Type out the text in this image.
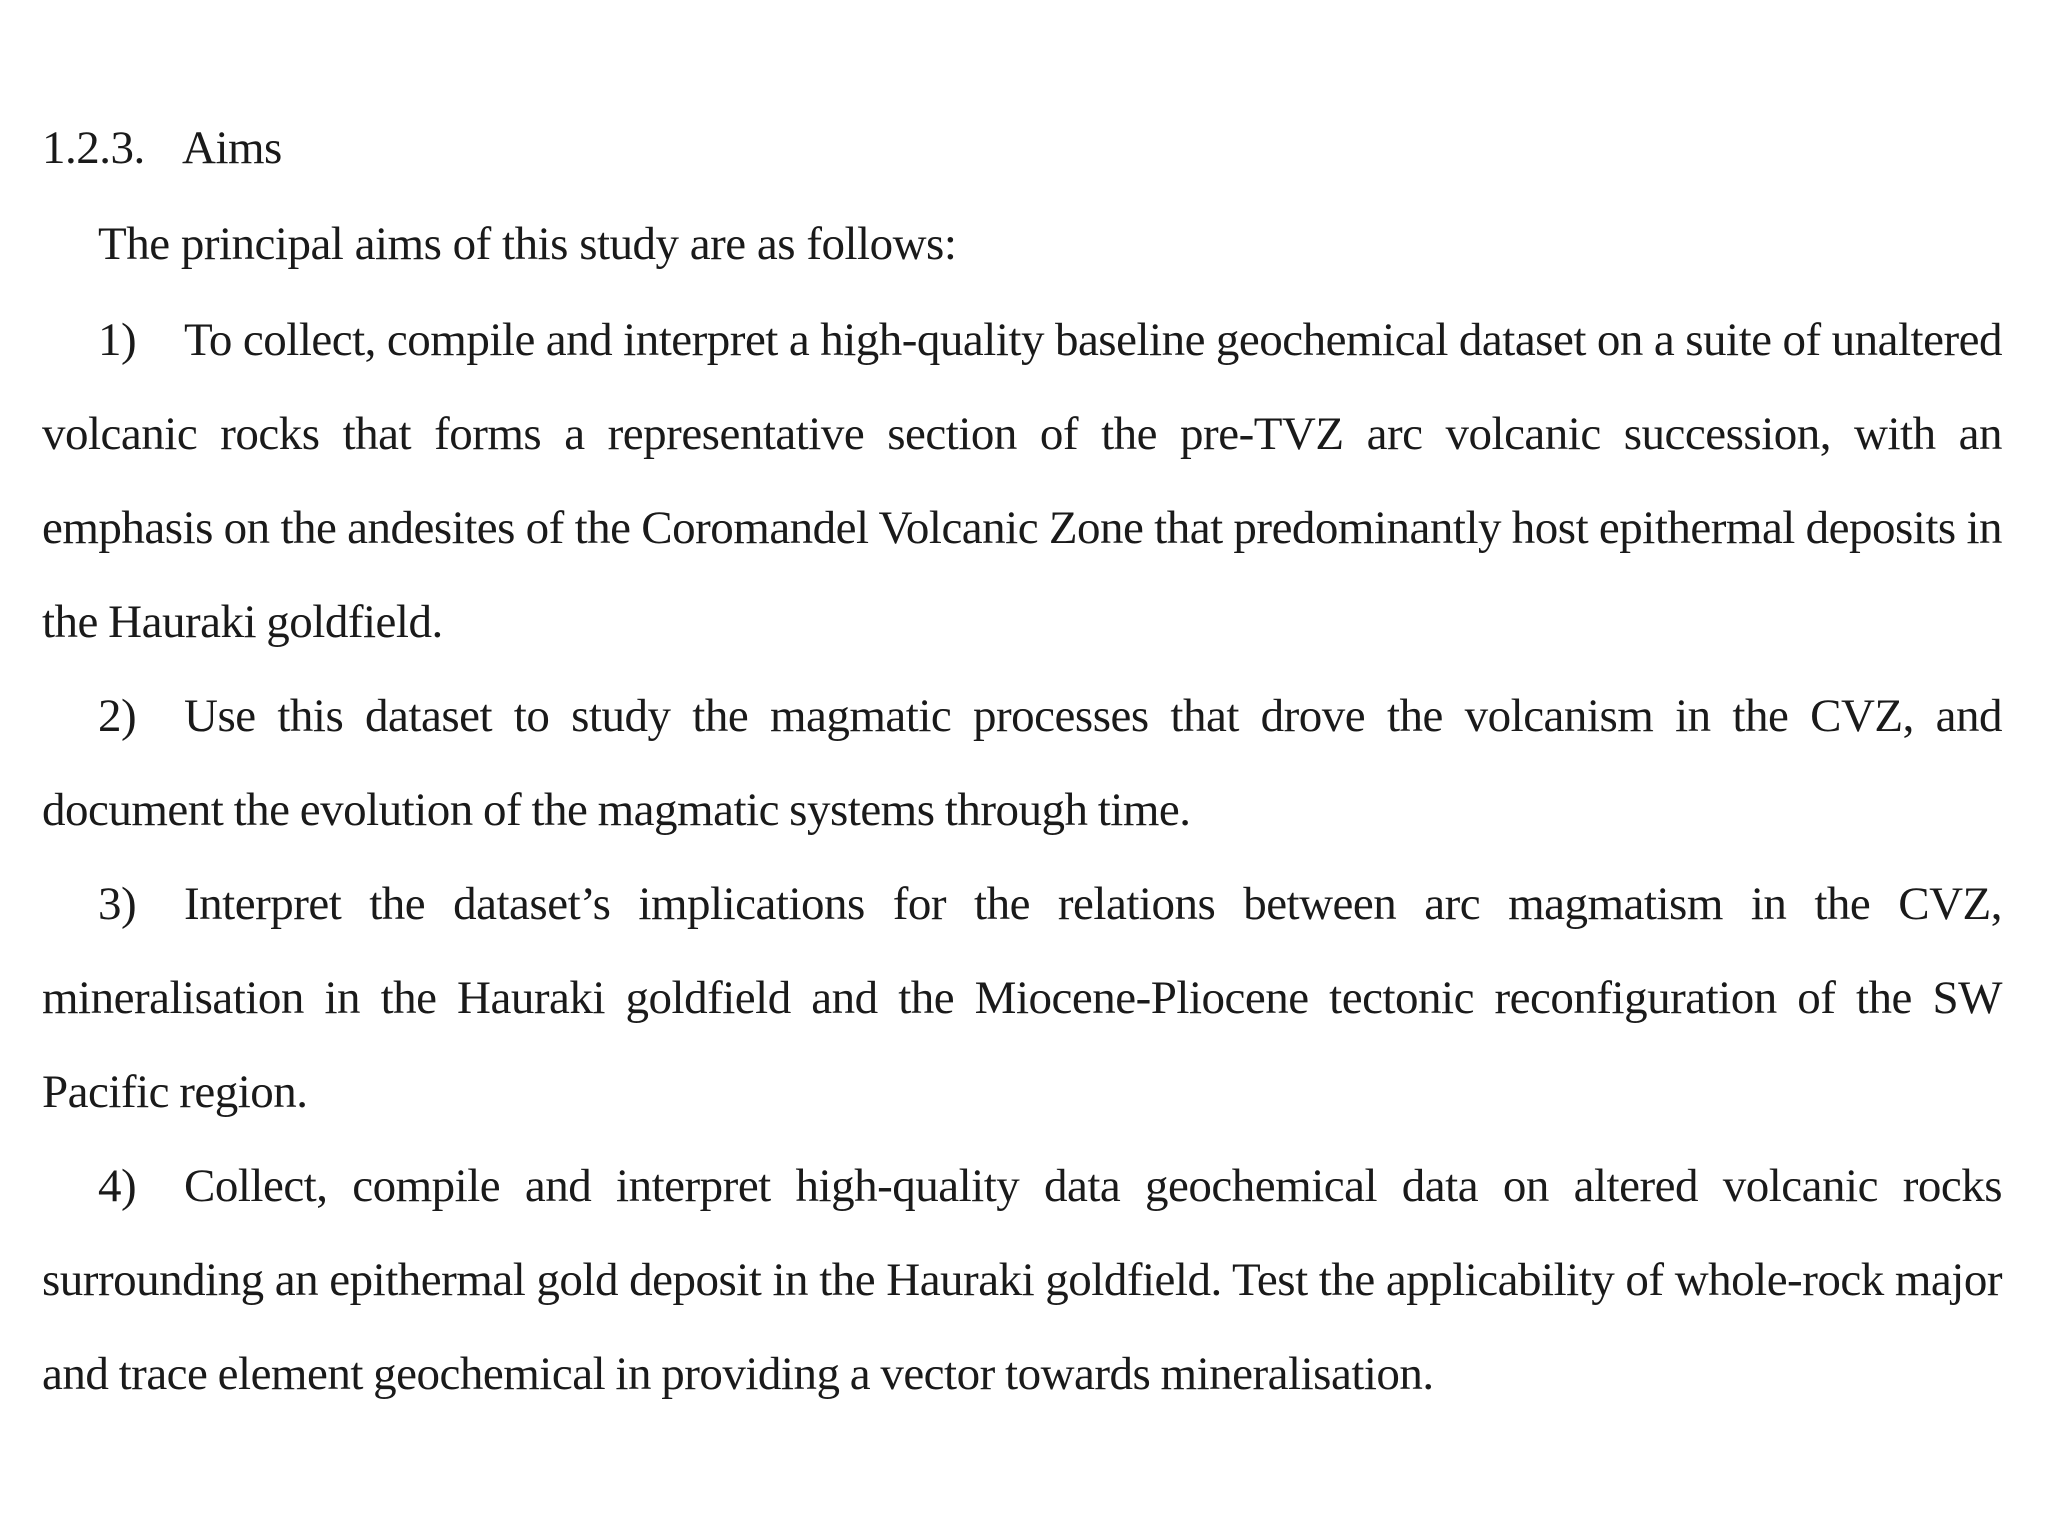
1.2.3. Aims
The principal aims of this study are as follows:
1) To collect, compile and interpret a high-quality baseline geochemical dataset on a suite of unaltered volcanic rocks that forms a representative section of the pre-TVZ arc volcanic succession, with an emphasis on the andesites of the Coromandel Volcanic Zone that predominantly host epithermal deposits in the Hauraki goldfield.
2) Use this dataset to study the magmatic processes that drove the volcanism in the CVZ, and document the evolution of the magmatic systems through time.
3) Interpret the dataset’s implications for the relations between arc magmatism in the CVZ, mineralisation in the Hauraki goldfield and the Miocene-Pliocene tectonic reconfiguration of the SW Pacific region.
4) Collect, compile and interpret high-quality data geochemical data on altered volcanic rocks surrounding an epithermal gold deposit in the Hauraki goldfield. Test the applicability of whole-rock major and trace element geochemical in providing a vector towards mineralisation.
